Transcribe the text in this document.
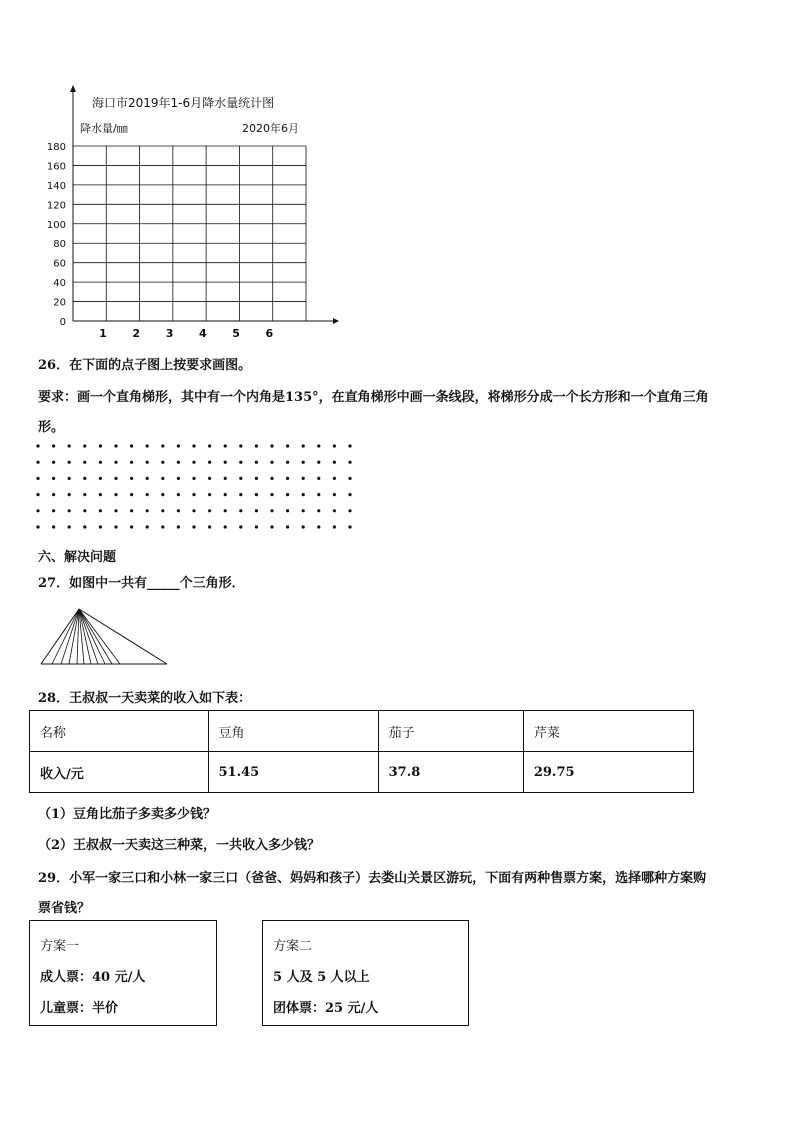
0
20
40
60
80
100
120
140
160
180
1 2 3 4 5 6
海口市2019年1-6月降水量统计图
降水量/㎜	2020年6月
26．在下面的点子图上按要求画图。
要求：画一个直角梯形，其中有一个内角是135°，在直角梯形中画一条线段，将梯形分成一个长方形和一个直角三角
形。
六、解决问题
27．如图中一共有_____个三角形．
28．王叔叔一天卖菜的收入如下表：
名称	豆角	茄子	芹菜
收入/元	51.45	37.8	29.75
（1）豆角比茄子多卖多少钱？
（2）王叔叔一天卖这三种菜，一共收入多少钱？
29．小军一家三口和小林一家三口（爸爸、妈妈和孩子）去娄山关景区游玩，下面有两种售票方案，选择哪种方案购
票省钱？
方案一
成人票：40 元/人
儿童票：半价
方案二
5 人及 5 人以上
团体票：25 元/人
